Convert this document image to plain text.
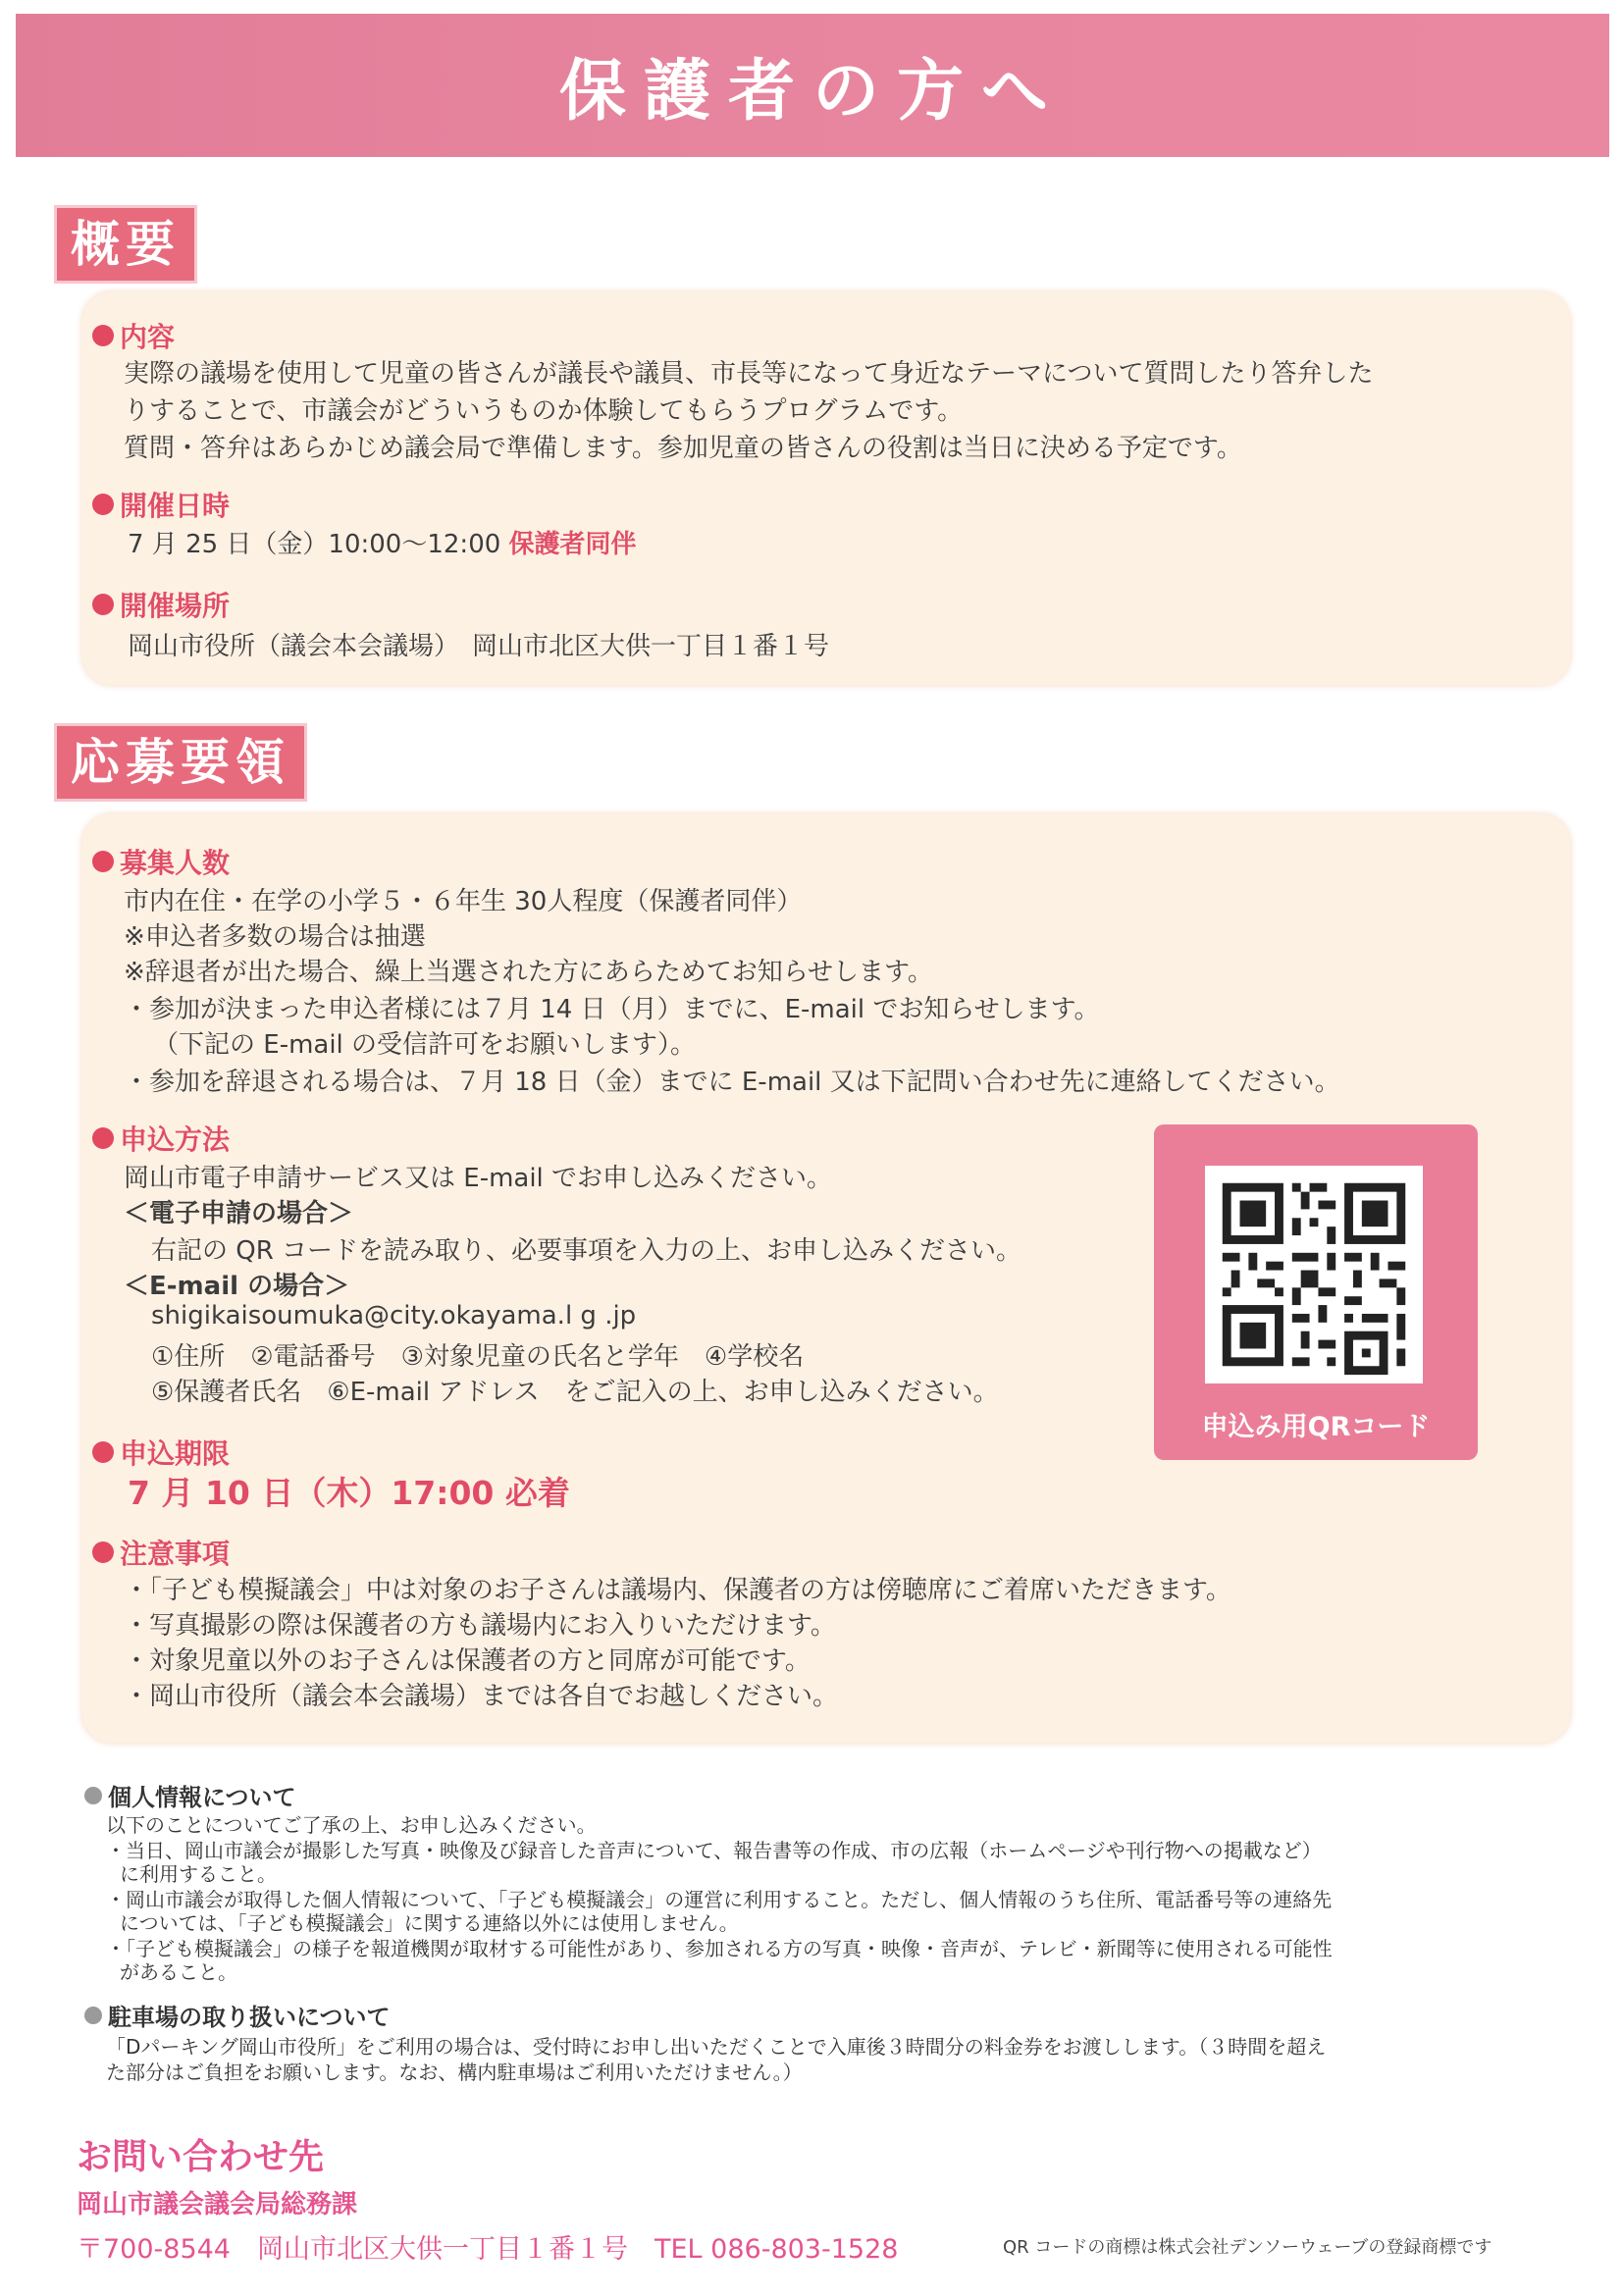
保護者の方へ
概要
内容
実際の議場を使用して児童の皆さんが議長や議員、市長等になって身近なテーマについて質問したり答弁した
りすることで、市議会がどういうものか体験してもらうプログラムです。
質問・答弁はあらかじめ議会局で準備します。参加児童の皆さんの役割は当日に決める予定です。
開催日時
7 月 25 日（金）10:00〜12:00 保護者同伴
開催場所
岡山市役所（議会本会議場）　岡山市北区大供一丁目１番１号
応募要領
募集人数
市内在住・在学の小学５・６年生 30人程度（保護者同伴）
※申込者多数の場合は抽選
※辞退者が出た場合、繰上当選された方にあらためてお知らせします。
・参加が決まった申込者様には７月 14 日（月）までに、E-mail でお知らせします。
（下記の E-mail の受信許可をお願いします）。
・参加を辞退される場合は、７月 18 日（金）までに E-mail 又は下記問い合わせ先に連絡してください。
申込方法
岡山市電子申請サービス又は E-mail でお申し込みください。
＜電子申請の場合＞
右記の QR コードを読み取り、必要事項を入力の上、お申し込みください。
＜E-mail の場合＞
shigikaisoumuka@city.okayama.l g .jp
①住所　②電話番号　③対象児童の氏名と学年　④学校名
⑤保護者氏名　⑥E-mail アドレス　をご記入の上、お申し込みください。
申込み用QRコード
申込期限
7 月 10 日（木）17:00 必着
注意事項
・「子ども模擬議会」中は対象のお子さんは議場内、保護者の方は傍聴席にご着席いただきます。
・写真撮影の際は保護者の方も議場内にお入りいただけます。
・対象児童以外のお子さんは保護者の方と同席が可能です。
・岡山市役所（議会本会議場）までは各自でお越しください。
個人情報について
以下のことについてご了承の上、お申し込みください。
・当日、岡山市議会が撮影した写真・映像及び録音した音声について、報告書等の作成、市の広報（ホームページや刊行物への掲載など）
に利用すること。
・岡山市議会が取得した個人情報について、「子ども模擬議会」の運営に利用すること。ただし、個人情報のうち住所、電話番号等の連絡先
については、「子ども模擬議会」に関する連絡以外には使用しません。
・「子ども模擬議会」の様子を報道機関が取材する可能性があり、参加される方の写真・映像・音声が、テレビ・新聞等に使用される可能性
があること。
駐車場の取り扱いについて
「Dパーキング岡山市役所」をご利用の場合は、受付時にお申し出いただくことで入庫後３時間分の料金券をお渡しします。（３時間を超え
た部分はご負担をお願いします。なお、構内駐車場はご利用いただけません。）
お問い合わせ先
岡山市議会議会局総務課
〒700-8544　岡山市北区大供一丁目１番１号　TEL 086-803-1528	QR コードの商標は株式会社デンソーウェーブの登録商標です
